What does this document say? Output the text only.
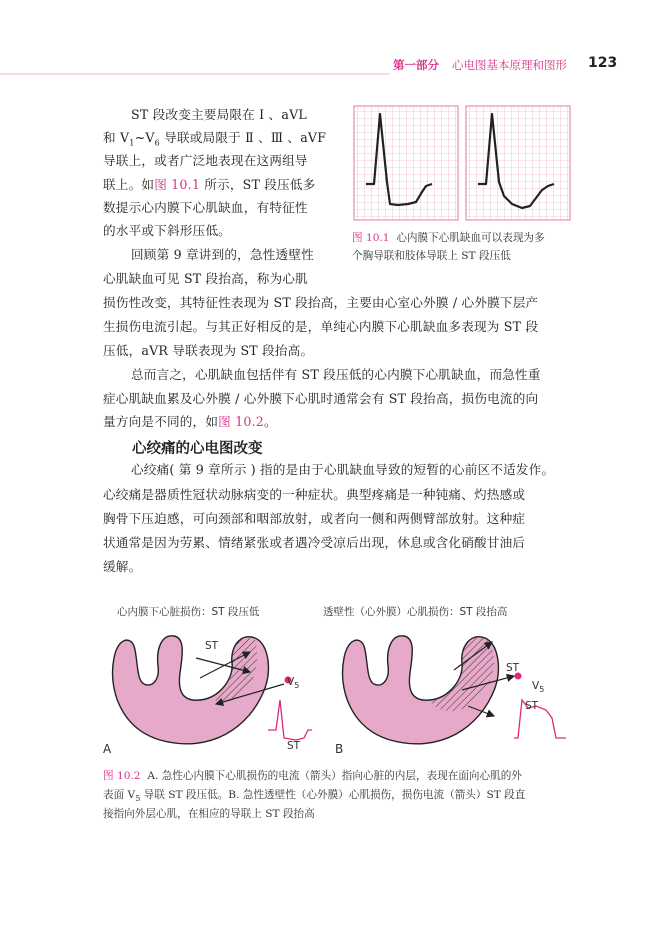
第一部分 心电图基本原理和图形 123
ST 段改变主要局限在 Ⅰ 、aVL
和 $V_1\sim V_6$ 导联或局限于 Ⅱ 、Ⅲ 、aVF
导联上，或者广泛地表现在这两组导
联上。如图 10.1 所示，ST 段压低多
数提示心内膜下心肌缺血，有特征性
的水平或下斜形压低。
回顾第 9 章讲到的，急性透壁性
心肌缺血可见 ST 段抬高，称为心肌
损伤性改变，其特征性表现为 ST 段抬高，主要由心室心外膜 / 心外膜下层产
生损伤电流引起。与其正好相反的是，单纯心内膜下心肌缺血多表现为 ST 段
压低，aVR 导联表现为 ST 段抬高。
总而言之，心肌缺血包括伴有 ST 段压低的心内膜下心肌缺血，而急性重
症心肌缺血累及心外膜 / 心外膜下心肌时通常会有 ST 段抬高，损伤电流的向
量方向是不同的，如图 10.2。
心绞痛的心电图改变
心绞痛( 第 9 章所示 ) 指的是由于心肌缺血导致的短暂的心前区不适发作。
心绞痛是器质性冠状动脉病变的一种症状。典型疼痛是一种钝痛、灼热感或
胸骨下压迫感，可向颈部和咽部放射，或者向一侧和两侧臂部放射。这种症
状通常是因为劳累、情绪紧张或者遇冷受凉后出现，休息或含化硝酸甘油后
缓解。
图 10.1 心内膜下心肌缺血可以表现为多
个胸导联和肢体导联上 ST 段压低
心内膜下心脏损伤：ST 段压低	透壁性（心外膜）心肌损伤：ST 段抬高
ST
$V_5$
ST
ST
$V_5$
ST
A	B
图 10.2 A. 急性心内膜下心肌损伤的电流（箭头）指向心脏的内层，表现在面向心肌的外
表面 $V_5$ 导联 ST 段压低。B. 急性透壁性（心外膜）心肌损伤，损伤电流（箭头）ST 段直
接指向外层心肌，在相应的导联上 ST 段抬高
